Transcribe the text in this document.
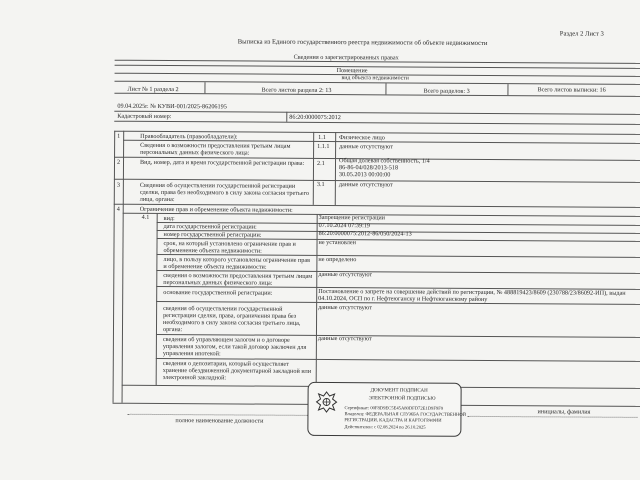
Раздел 2 Лист 3
Выписка из Единого государственного реестра недвижимости об объекте недвижимости
Сведения о зарегистрированных правах
Помещение
вид объекта недвижимости
Лист № 1 раздела 2	Всего листов раздела 2: 13	Всего разделов: 3	Всего листов выписки: 16
09.04.2025г. № КУВИ-001/2025-86206195
Кадастровый номер:	86:20:0000075:2012
1	Правообладатель (правообладатели):	1.1 Физическое лицо
Сведения о возможности предоставления третьим лицам персональных данных физического лица:
1.1.1 данные отсутствуют
2	Вид, номер, дата и время государственной регистрации права:	2.1 Общая долевая собственность, 1/4
86-86-04/028/2013-518
30.05.2013 00:00:00
3	Сведения об осуществлении государственной регистрации сделки, права без необходимого в силу закона согласия третьего лица, органа:
3.1 данные отсутствуют
4	Ограничение прав и обременение объекта недвижимости:
4.1 вид:	Запрещение регистрации
дата государственной регистрации:	07.10.2024 07:39:19
номер государственной регистрации:	86:20:0000075:2012-86/050/2024-13
срок, на который установлено ограничение прав и обременение объекта недвижимости:
не установлен
лицо, в пользу которого установлены ограничение прав и обременение объекта недвижимости:
не определено
сведения о возможности предоставления третьим лицам персональных данных физического лица:
данные отсутствуют
основание государственной регистрации:	Постановление о запрете на совершение действий по регистрации, № 488819423/8609 (230788/23/86092-ИП), выдан 04.10.2024, ОСП по г. Нефтеюганску и Нефтеюганскому району
сведения об осуществлении государственной регистрации сделки, права, ограничения права без необходимого в силу закона согласия третьего лица, органа:
данные отсутствуют
сведения об управляющем залогом и о договоре управления залогом, если такой договор заключен для управления ипотекой:
данные отсутствуют
сведения о депозитарии, который осуществляет хранение обездвиженной документарной закладной или электронной закладной:
полное наименование должности
инициалы, фамилия
ДОКУМЕНТ ПОДПИСАН
ЭЛЕКТРОННОЙ ПОДПИСЬЮ
Сертификат: 00F8D9EC5E45A80DFD72E1D9F9F9
Владелец: ФЕДЕРАЛЬНАЯ СЛУЖБА ГОСУДАРСТВЕННОЙ
РЕГИСТРАЦИИ, КАДАСТРА И КАРТОГРАФИИ
Действителен: с 02.08.2024 по 26.10.2025
